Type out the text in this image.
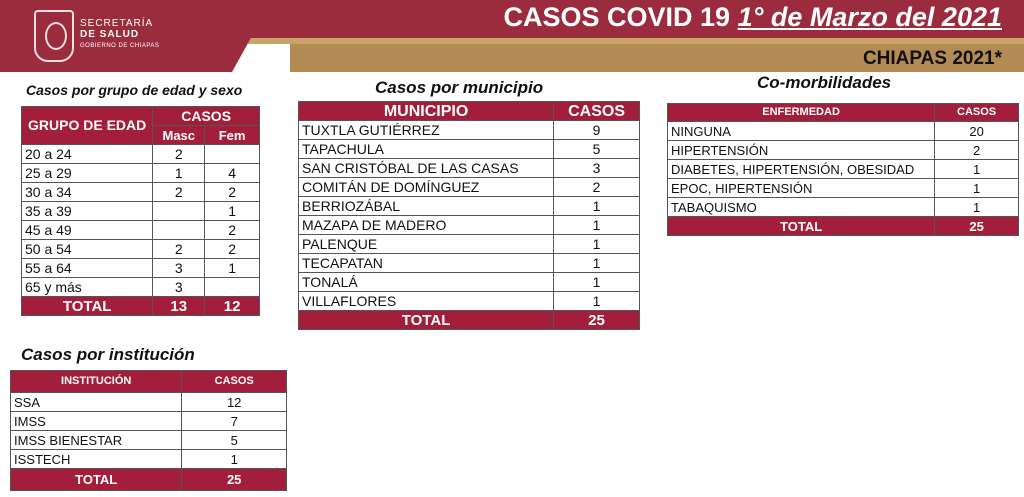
SECRETARÍA
DE SALUD
GOBIERNO DE CHIAPAS
CASOS COVID 19 1° de Marzo del 2021
CHIAPAS 2021*
Casos por grupo de edad y sexo
GRUPO DE EDAD	CASOS	
	Masc	Fem
20 a 24	2	
25 a 29	1	4
30 a 34	2	2
35 a 39		1
45 a 49		2
50 a 54	2	2
55 a 64	3	1
65 y más	3	
TOTAL	13	12
Casos por municipio
MUNICIPIO	CASOS
TUXTLA GUTIÉRREZ	9
TAPACHULA	5
SAN CRISTÓBAL DE LAS CASAS	3
COMITÁN DE DOMÍNGUEZ	2
BERRIOZÁBAL	1
MAZAPA DE MADERO	1
PALENQUE	1
TECAPATAN	1
TONALÁ	1
VILLAFLORES	1
TOTAL	25
Co-morbilidades
ENFERMEDAD	CASOS
NINGUNA	20
HIPERTENSIÓN	2
DIABETES, HIPERTENSIÓN, OBESIDAD	1
EPOC, HIPERTENSIÓN	1
TABAQUISMO	1
TOTAL	25
Casos por institución
INSTITUCIÓN	CASOS
SSA	12
IMSS	7
IMSS BIENESTAR	5
ISSTECH	1
TOTAL	25
